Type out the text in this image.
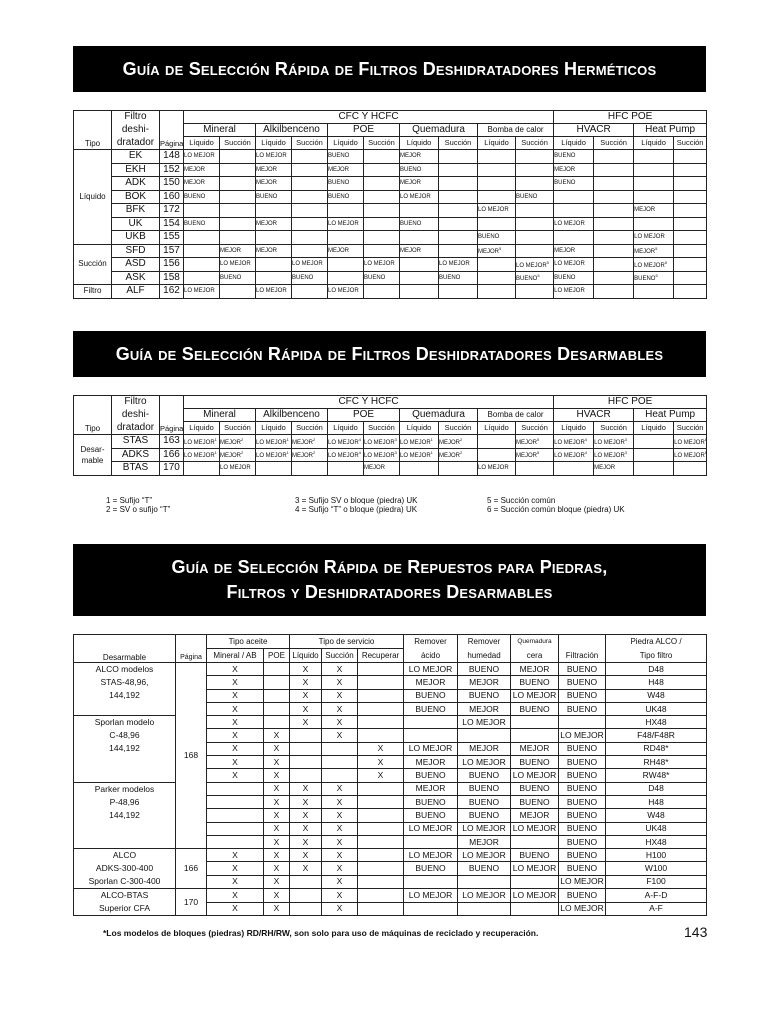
Guía de Selección Rápida de Filtros Deshidratadores Herméticos
Tipo	Filtro	Página	CFC Y HCFC										HFC POE			
	deshi-		Mineral		Alkilbenceno		POE		Quemadura		Bomba de calor		HVACR		Heat Pump	
	dratador		Líquido	Succión	Líquido	Succión	Líquido	Succión	Líquido	Succión	Líquido	Succión	Líquido	Succión	Líquido	Succión
Líquido	EK	148	LO MEJOR		LO MEJOR		BUENO		MEJOR				BUENO			
	EKH	152	MEJOR		MEJOR		MEJOR		BUENO				MEJOR			
	ADK	150	MEJOR		MEJOR		BUENO		MEJOR				BUENO			
	BOK	160	BUENO		BUENO		BUENO		LO MEJOR			BUENO				
	BFK	172									LO MEJOR				MEJOR	
	UK	154	BUENO		MEJOR		LO MEJOR		BUENO				LO MEJOR			
	UKB	155									BUENO				LO MEJOR	
Succión	SFD	157		MEJOR	MEJOR		MEJOR		MEJOR		MEJOR$^5$		MEJOR		MEJOR$^5$	
	ASD	156		LO MEJOR		LO MEJOR		LO MEJOR		LO MEJOR		LO MEJOR$^5$	LO MEJOR		LO MEJOR$^5$	
	ASK	158		BUENO		BUENO		BUENO		BUENO		BUENO$^5$	BUENO		BUENO$^5$	
Filtro	ALF	162	LO MEJOR		LO MEJOR		LO MEJOR						LO MEJOR			
Guía de Selección Rápida de Filtros Deshidratadores Desarmables
Tipo	Filtro	Página	CFC Y HCFC										HFC POE			
	deshi-		Mineral		Alkilbenceno		POE		Quemadura		Bomba de calor		HVACR		Heat Pump	
	dratador		Líquido	Succión	Líquido	Succión	Líquido	Succión	Líquido	Succión	Líquido	Succión	Líquido	Succión	Líquido	Succión

Desar-
mable	STAS	163	LO MEJOR$^1$	MEJOR$^2$	LO MEJOR$^1$	MEJOR$^2$	LO MEJOR$^4$	LO MEJOR$^3$	LO MEJOR$^1$	MEJOR$^2$		MEJOR$^5$	LO MEJOR$^4$	LO MEJOR$^3$		LO MEJOR$^6$
	ADKS	166	LO MEJOR$^1$	MEJOR$^2$	LO MEJOR$^1$	MEJOR$^2$	LO MEJOR$^4$	LO MEJOR$^3$	LO MEJOR$^1$	MEJOR$^2$		MEJOR$^5$	LO MEJOR$^4$	LO MEJOR$^3$		LO MEJOR$^6$
	BTAS	170		LO MEJOR				MEJOR			LO MEJOR			MEJOR		
1 = Sufijo “T”
2 = SV o sufijo “T”
3 = Sufijo SV o bloque (piedra) UK
4 = Sufijo “T” o bloque (piedra) UK
5 = Succión común
6 = Succión común bloque (piedra) UK
Guía de Selección Rápida de Repuestos para Piedras,
Filtros y Deshidratadores Desarmables
Desarmable	Página	Tipo aceite		Tipo de servicio			Remover	Remover	Quemadura		Piedra ALCO /
		Mineral / AB	POE	Líquido	Succión	Recuperar	ácido	humedad	cera	Filtración	Tipo filtro

ALCO modelos
STAS-48,96,
144,192	168	X		X	X		LO MEJOR	BUENO	MEJOR	BUENO	D48
		X		X	X		MEJOR	MEJOR	BUENO	BUENO	H48
		X		X	X		BUENO	BUENO	LO MEJOR	BUENO	W48
		X		X	X		BUENO	MEJOR	BUENO	BUENO	UK48

Sporlan modelo
C-48,96
144,192		X		X	X			LO MEJOR			HX48
		X	X		X					LO MEJOR	F48/F48R
		X	X			X	LO MEJOR	MEJOR	MEJOR	BUENO	RD48*
		X	X			X	MEJOR	LO MEJOR	BUENO	BUENO	RH48*
		X	X			X	BUENO	BUENO	LO MEJOR	BUENO	RW48*

Parker modelos
P-48,96
144,192			X	X	X		MEJOR	BUENO	BUENO	BUENO	D48
			X	X	X		BUENO	BUENO	BUENO	BUENO	H48
			X	X	X		BUENO	BUENO	MEJOR	BUENO	W48
			X	X	X		LO MEJOR	LO MEJOR	LO MEJOR	BUENO	UK48
			X	X	X			MEJOR		BUENO	HX48

ALCO
ADKS-300-400
Sporlan C-300-400	166	X	X	X	X		LO MEJOR	LO MEJOR	BUENO	BUENO	H100
		X	X	X	X		BUENO	BUENO	LO MEJOR	BUENO	W100
		X	X		X					LO MEJOR	F100

ALCO-BTAS
Superior CFA	170	X	X		X		LO MEJOR	LO MEJOR	LO MEJOR	BUENO	A-F-D
		X	X		X					LO MEJOR	A-F
*Los modelos de bloques (piedras) RD/RH/RW, son solo para uso de máquinas de reciclado y recuperación.	143
